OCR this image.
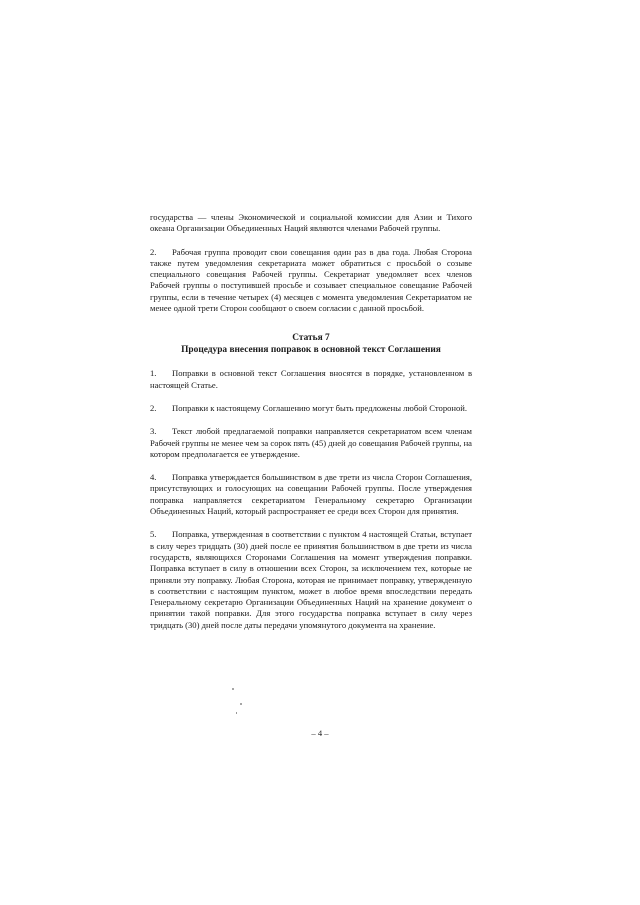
государства — члены Экономической и социальной комиссии для Азии и Тихого океана Организации Объединенных Наций являются членами Рабочей группы.

2. Рабочая группа проводит свои совещания один раз в два года. Любая Сторона также путем уведомления секретариата может обратиться с просьбой о созыве специального совещания Рабочей группы. Секретариат уведомляет всех членов Рабочей группы о поступившей просьбе и созывает специальное совещание Рабочей группы, если в течение четырех (4) месяцев с момента уведомления Секретариатом не менее одной трети Сторон сообщают о своем согласии с данной просьбой.

Статья 7
Процедура внесения поправок в основной текст Соглашения

1. Поправки в основной текст Соглашения вносятся в порядке, установленном в настоящей Статье.

2. Поправки к настоящему Соглашению могут быть предложены любой Стороной.

3. Текст любой предлагаемой поправки направляется секретариатом всем членам Рабочей группы не менее чем за сорок пять (45) дней до совещания Рабочей группы, на котором предполагается ее утверждение.

4. Поправка утверждается большинством в две трети из числа Сторон Соглашения, присутствующих и голосующих на совещании Рабочей группы. После утверждения поправка направляется секретариатом Генеральному секретарю Организации Объединенных Наций, который распространяет ее среди всех Сторон для принятия.

5. Поправка, утвержденная в соответствии с пунктом 4 настоящей Статьи, вступает в силу через тридцать (30) дней после ее принятия большинством в две трети из числа государств, являющихся Сторонами Соглашения на момент утверждения поправки. Поправка вступает в силу в отношении всех Сторон, за исключением тех, которые не приняли эту поправку. Любая Сторона, которая не принимает поправку, утвержденную в соответствии с настоящим пунктом, может в любое время впоследствии передать Генеральному секретарю Организации Объединенных Наций на хранение документ о принятии такой поправки. Для этого государства поправка вступает в силу через тридцать (30) дней после даты передачи упомянутого документа на хранение.

– 4 –
